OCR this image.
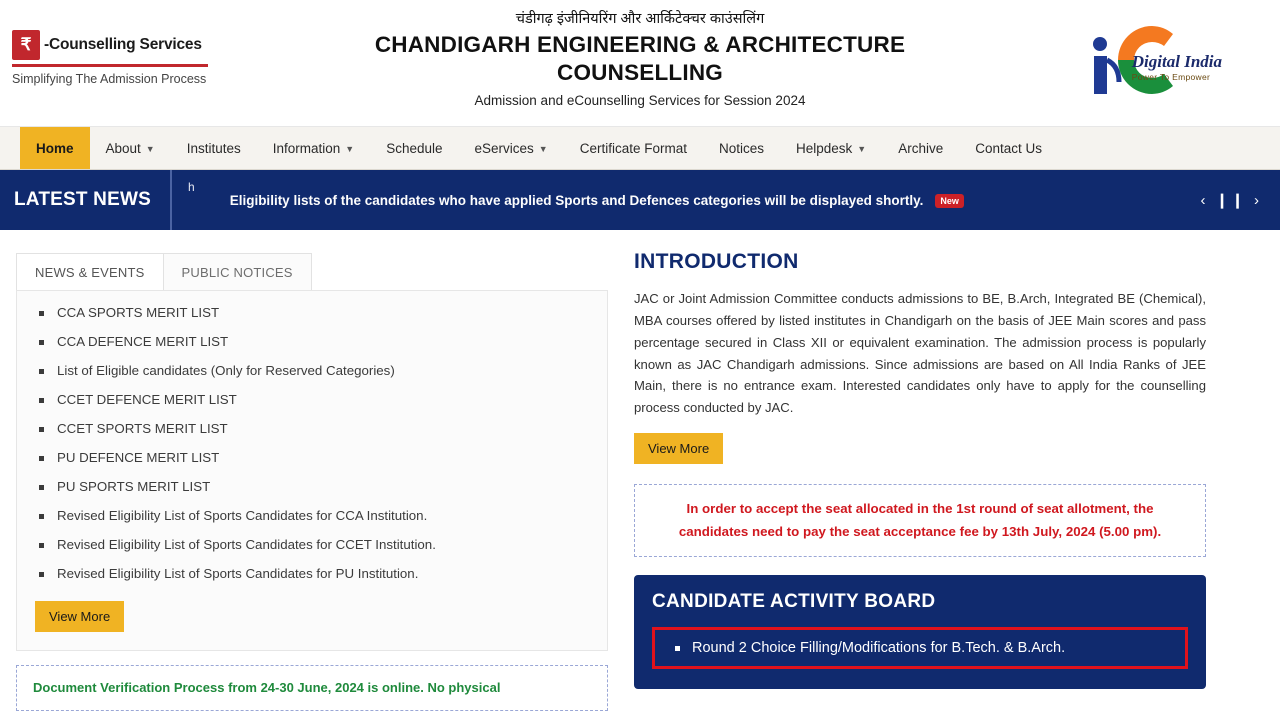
₹ -Counselling Services
Simplifying The Admission Process
चंडीगढ़ इंजीनियरिंग और आर्किटेक्चर काउंसलिंग
CHANDIGARH ENGINEERING & ARCHITECTURE COUNSELLING
Admission and eCounselling Services for Session 2024
Digital India
Power To Empower
Home About ▼ Institutes Information ▼ Schedule eServices ▼ Certificate Format Notices Helpdesk ▼ Archive Contact Us
LATEST NEWS
h
Eligibility lists of the candidates who have applied Sports and Defences categories will be displayed shortly.	New	‹ ❙❙ ›
NEWS & EVENTS	PUBLIC NOTICES
CCA SPORTS MERIT LIST
CCA DEFENCE MERIT LIST
List of Eligible candidates (Only for Reserved Categories)
CCET DEFENCE MERIT LIST
CCET SPORTS MERIT LIST
PU DEFENCE MERIT LIST
PU SPORTS MERIT LIST
Revised Eligibility List of Sports Candidates for CCA Institution.
Revised Eligibility List of Sports Candidates for CCET Institution.
Revised Eligibility List of Sports Candidates for PU Institution.
View More
Document Verification Process from 24-30 June, 2024 is online. No physical
INTRODUCTION
JAC or Joint Admission Committee conducts admissions to BE, B.Arch, Integrated BE (Chemical), MBA courses offered by listed institutes in Chandigarh on the basis of JEE Main scores and pass percentage secured in Class XII or equivalent examination. The admission process is popularly known as JAC Chandigarh admissions. Since admissions are based on All India Ranks of JEE Main, there is no entrance exam. Interested candidates only have to apply for the counselling process conducted by JAC.
View More
In order to accept the seat allocated in the 1st round of seat allotment, the candidates need to pay the seat acceptance fee by 13th July, 2024 (5.00 pm).
CANDIDATE ACTIVITY BOARD
Round 2 Choice Filling/Modifications for B.Tech. & B.Arch.
